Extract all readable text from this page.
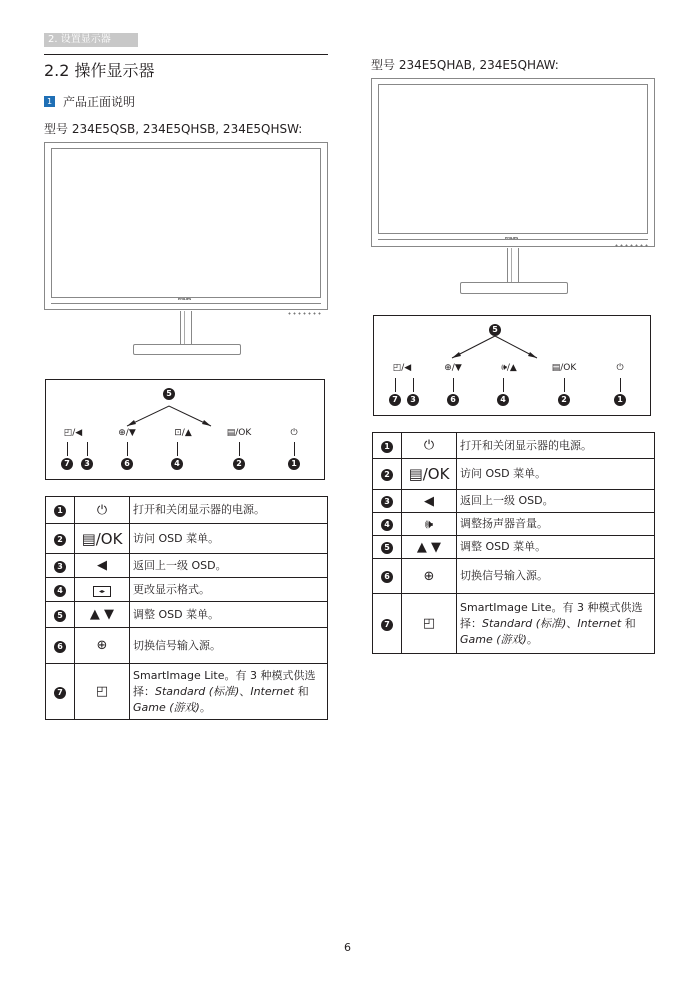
2. 设置显示器
2.2 操作显示器
1 产品正面说明
型号 234E5QSB, 234E5QHSB, 234E5QHSW:
型号 234E5QHAB, 234E5QHAW:
PHILIPS
PHILIPS
5
◰/◀	⊕/▼	⊡/▲	▤/OK	⏻
7	3	6	4	2	1
5
◰/◀	⊕/▼	🕪/▲	▤/OK	⏻
7	3	6	4	2	1
1	⏻	打开和关闭显示器的电源。
2	▤/OK	访问 OSD 菜单。
3	◀	返回上一级 OSD。
4	◂▸	更改显示格式。
5	▲ ▼	调整 OSD 菜单。
6	⊕	切换信号输入源。
7	◰	SmartImage Lite。有 3 种模式供选择：Standard (标准)、Internet 和 Game (游戏)。
1	⏻	打开和关闭显示器的电源。
2	▤/OK	访问 OSD 菜单。
3	◀	返回上一级 OSD。
4	🕪	调整扬声器音量。
5	▲ ▼	调整 OSD 菜单。
6	⊕	切换信号输入源。
7	◰	SmartImage Lite。有 3 种模式供选择：Standard (标准)、Internet 和 Game (游戏)。
6
